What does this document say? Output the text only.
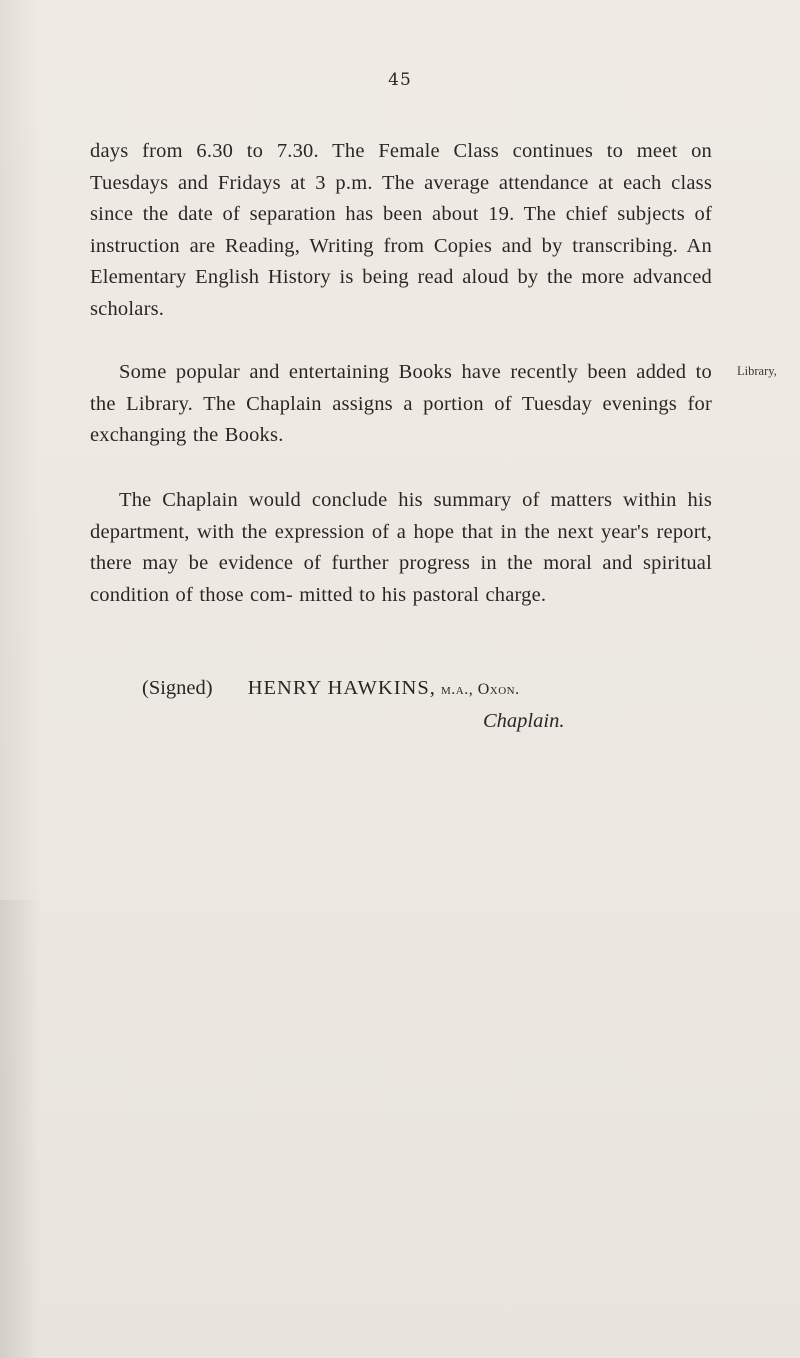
45

days from 6.30 to 7.30. The Female Class continues to meet on Tuesdays and Fridays at 3 p.m. The average attendance at each class since the date of separation has been about 19. The chief subjects of instruction are Reading, Writing from Copies and by transcribing. An Elementary English History is being read aloud by the more advanced scholars.

Some popular and entertaining Books have recently been added to the Library. The Chaplain assigns a portion of Tuesday evenings for exchanging the Books.

Library,

The Chaplain would conclude his summary of matters within his department, with the expression of a hope that in the next year's report, there may be evidence of further progress in the moral and spiritual condition of those com- mitted to his pastoral charge.

(Signed) HENRY HAWKINS, m.a., Oxon.
Chaplain.
